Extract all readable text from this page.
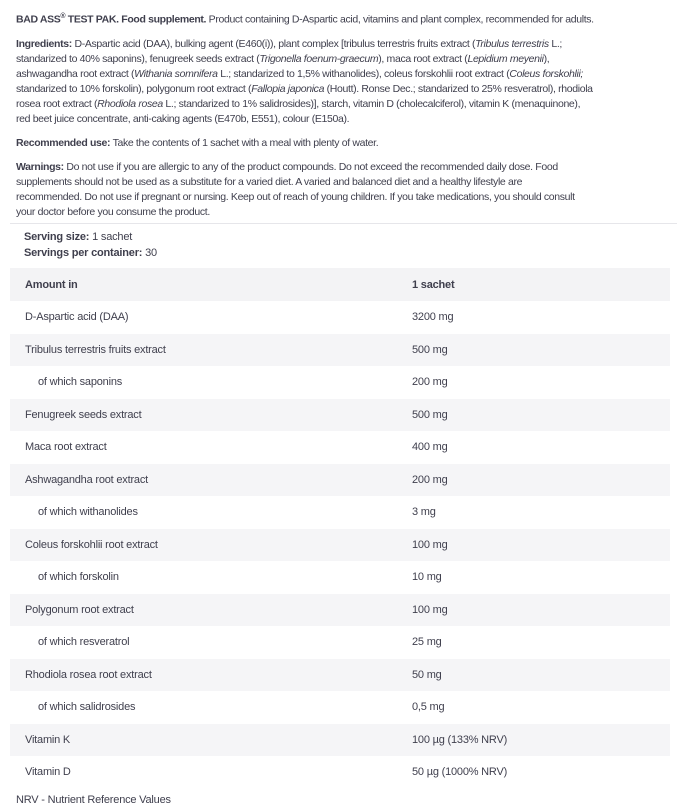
BAD ASS® TEST PAK. Food supplement. Product containing D-Aspartic acid, vitamins and plant complex, recommended for adults.
Ingredients: D-Aspartic acid (DAA), bulking agent (E460(i)), plant complex [tribulus terrestris fruits extract (Tribulus terrestris L.;
standarized to 40% saponins), fenugreek seeds extract (Trigonella foenum-graecum), maca root extract (Lepidium meyenii),
ashwagandha root extract (Withania somnifera L.; standarized to 1,5% withanolides), coleus forskohlii root extract (Coleus forskohlii;
standarized to 10% forskolin), polygonum root extract (Fallopia japonica (Houtt). Ronse Dec.; standarized to 25% resveratrol), rhodiola
rosea root extract (Rhodiola rosea L.; standarized to 1% salidrosides)], starch, vitamin D (cholecalciferol), vitamin K (menaquinone),
red beet juice concentrate, anti-caking agents (E470b, E551), colour (E150a).
Recommended use: Take the contents of 1 sachet with a meal with plenty of water.
Warnings: Do not use if you are allergic to any of the product compounds. Do not exceed the recommended daily dose. Food
supplements should not be used as a substitute for a varied diet. A varied and balanced diet and a healthy lifestyle are
recommended. Do not use if pregnant or nursing. Keep out of reach of young children. If you take medications, you should consult
your doctor before you consume the product.
Serving size: 1 sachet
Servings per container: 30
Amount in	1 sachet
D-Aspartic acid (DAA)	3200 mg
Tribulus terrestris fruits extract	500 mg
of which saponins	200 mg
Fenugreek seeds extract	500 mg
Maca root extract	400 mg
Ashwagandha root extract	200 mg
of which withanolides	3 mg
Coleus forskohlii root extract	100 mg
of which forskolin	10 mg
Polygonum root extract	100 mg
of which resveratrol	25 mg
Rhodiola rosea root extract	50 mg
of which salidrosides	0,5 mg
Vitamin K	100 µg (133% NRV)
Vitamin D	50 µg (1000% NRV)
NRV - Nutrient Reference Values
